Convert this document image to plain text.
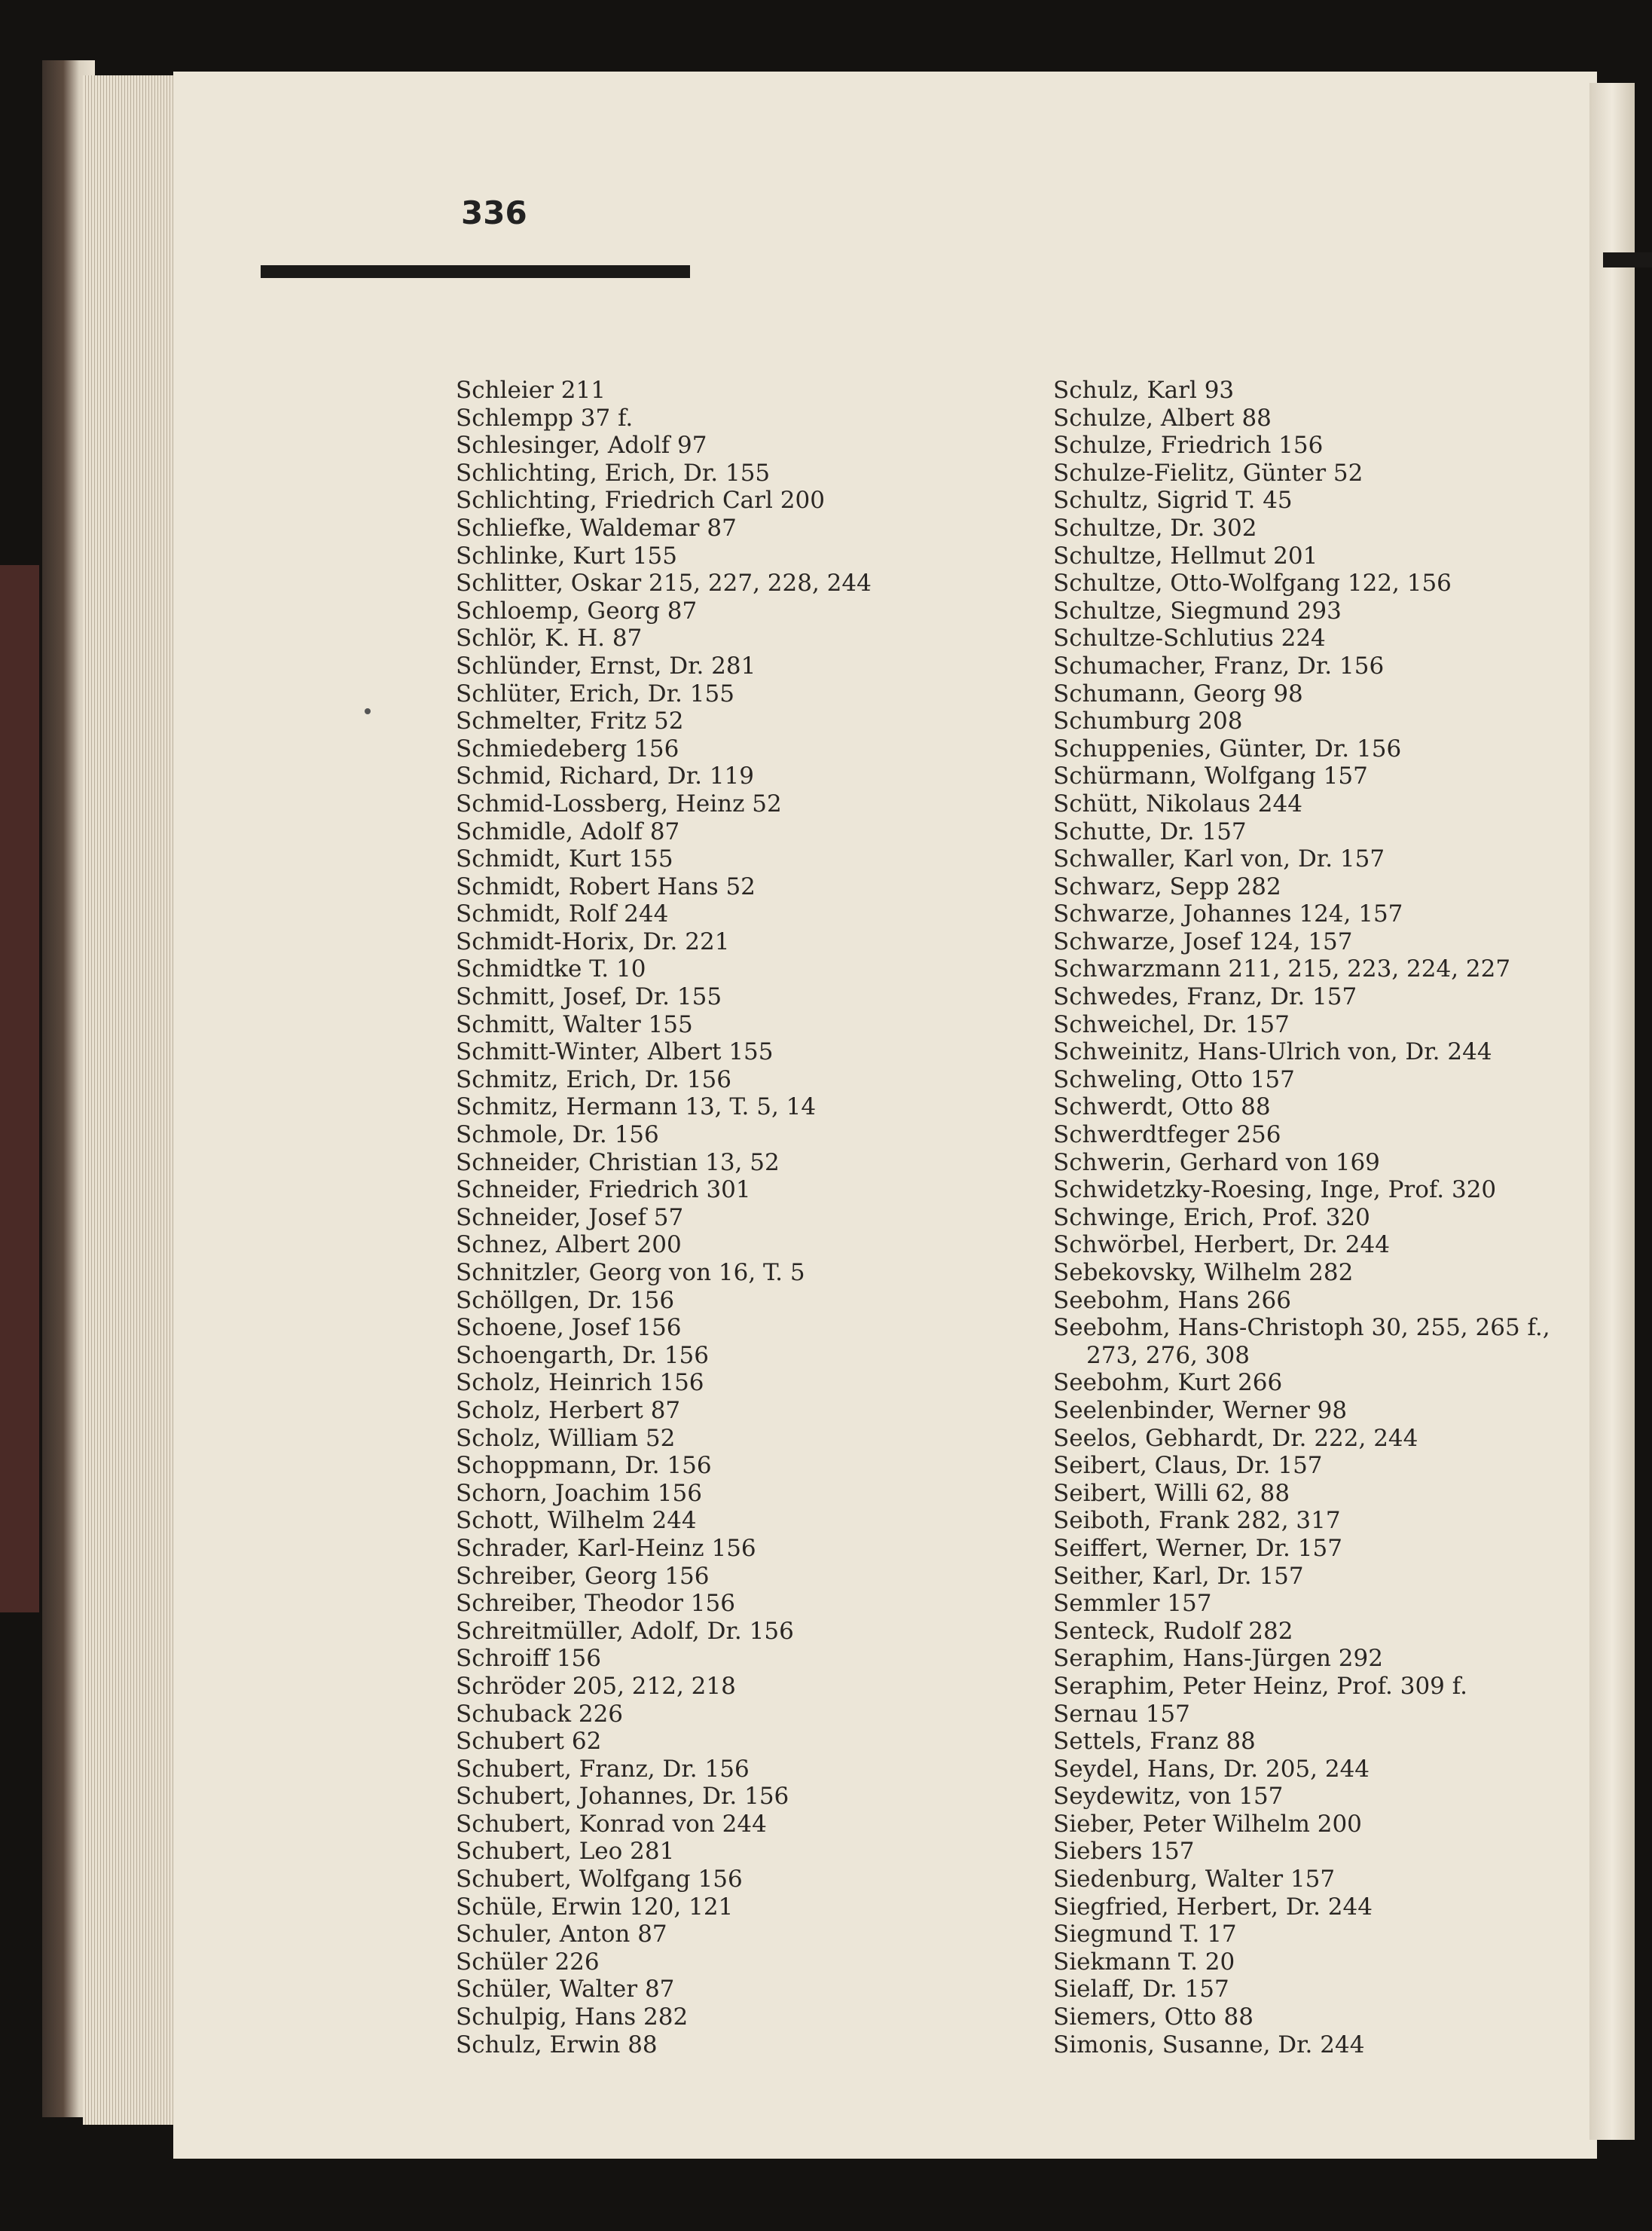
336
Schleier 211
Schlempp 37 f.
Schlesinger, Adolf 97
Schlichting, Erich, Dr. 155
Schlichting, Friedrich Carl 200
Schliefke, Waldemar 87
Schlinke, Kurt 155
Schlitter, Oskar 215, 227, 228, 244
Schloemp, Georg 87
Schlör, K. H. 87
Schlünder, Ernst, Dr. 281
Schlüter, Erich, Dr. 155
Schmelter, Fritz 52
Schmiedeberg 156
Schmid, Richard, Dr. 119
Schmid-Lossberg, Heinz 52
Schmidle, Adolf 87
Schmidt, Kurt 155
Schmidt, Robert Hans 52
Schmidt, Rolf 244
Schmidt-Horix, Dr. 221
Schmidtke T. 10
Schmitt, Josef, Dr. 155
Schmitt, Walter 155
Schmitt-Winter, Albert 155
Schmitz, Erich, Dr. 156
Schmitz, Hermann 13, T. 5, 14
Schmole, Dr. 156
Schneider, Christian 13, 52
Schneider, Friedrich 301
Schneider, Josef 57
Schnez, Albert 200
Schnitzler, Georg von 16, T. 5
Schöllgen, Dr. 156
Schoene, Josef 156
Schoengarth, Dr. 156
Scholz, Heinrich 156
Scholz, Herbert 87
Scholz, William 52
Schoppmann, Dr. 156
Schorn, Joachim 156
Schott, Wilhelm 244
Schrader, Karl-Heinz 156
Schreiber, Georg 156
Schreiber, Theodor 156
Schreitmüller, Adolf, Dr. 156
Schroiff 156
Schröder 205, 212, 218
Schuback 226
Schubert 62
Schubert, Franz, Dr. 156
Schubert, Johannes, Dr. 156
Schubert, Konrad von 244
Schubert, Leo 281
Schubert, Wolfgang 156
Schüle, Erwin 120, 121
Schuler, Anton 87
Schüler 226
Schüler, Walter 87
Schulpig, Hans 282
Schulz, Erwin 88
Schulz, Karl 93
Schulze, Albert 88
Schulze, Friedrich 156
Schulze-Fielitz, Günter 52
Schultz, Sigrid T. 45
Schultze, Dr. 302
Schultze, Hellmut 201
Schultze, Otto-Wolfgang 122, 156
Schultze, Siegmund 293
Schultze-Schlutius 224
Schumacher, Franz, Dr. 156
Schumann, Georg 98
Schumburg 208
Schuppenies, Günter, Dr. 156
Schürmann, Wolfgang 157
Schütt, Nikolaus 244
Schutte, Dr. 157
Schwaller, Karl von, Dr. 157
Schwarz, Sepp 282
Schwarze, Johannes 124, 157
Schwarze, Josef 124, 157
Schwarzmann 211, 215, 223, 224, 227
Schwedes, Franz, Dr. 157
Schweichel, Dr. 157
Schweinitz, Hans-Ulrich von, Dr. 244
Schweling, Otto 157
Schwerdt, Otto 88
Schwerdtfeger 256
Schwerin, Gerhard von 169
Schwidetzky-Roesing, Inge, Prof. 320
Schwinge, Erich, Prof. 320
Schwörbel, Herbert, Dr. 244
Sebekovsky, Wilhelm 282
Seebohm, Hans 266
Seebohm, Hans-Christoph 30, 255, 265 f.,
273, 276, 308
Seebohm, Kurt 266
Seelenbinder, Werner 98
Seelos, Gebhardt, Dr. 222, 244
Seibert, Claus, Dr. 157
Seibert, Willi 62, 88
Seiboth, Frank 282, 317
Seiffert, Werner, Dr. 157
Seither, Karl, Dr. 157
Semmler 157
Senteck, Rudolf 282
Seraphim, Hans-Jürgen 292
Seraphim, Peter Heinz, Prof. 309 f.
Sernau 157
Settels, Franz 88
Seydel, Hans, Dr. 205, 244
Seydewitz, von 157
Sieber, Peter Wilhelm 200
Siebers 157
Siedenburg, Walter 157
Siegfried, Herbert, Dr. 244
Siegmund T. 17
Siekmann T. 20
Sielaff, Dr. 157
Siemers, Otto 88
Simonis, Susanne, Dr. 244
